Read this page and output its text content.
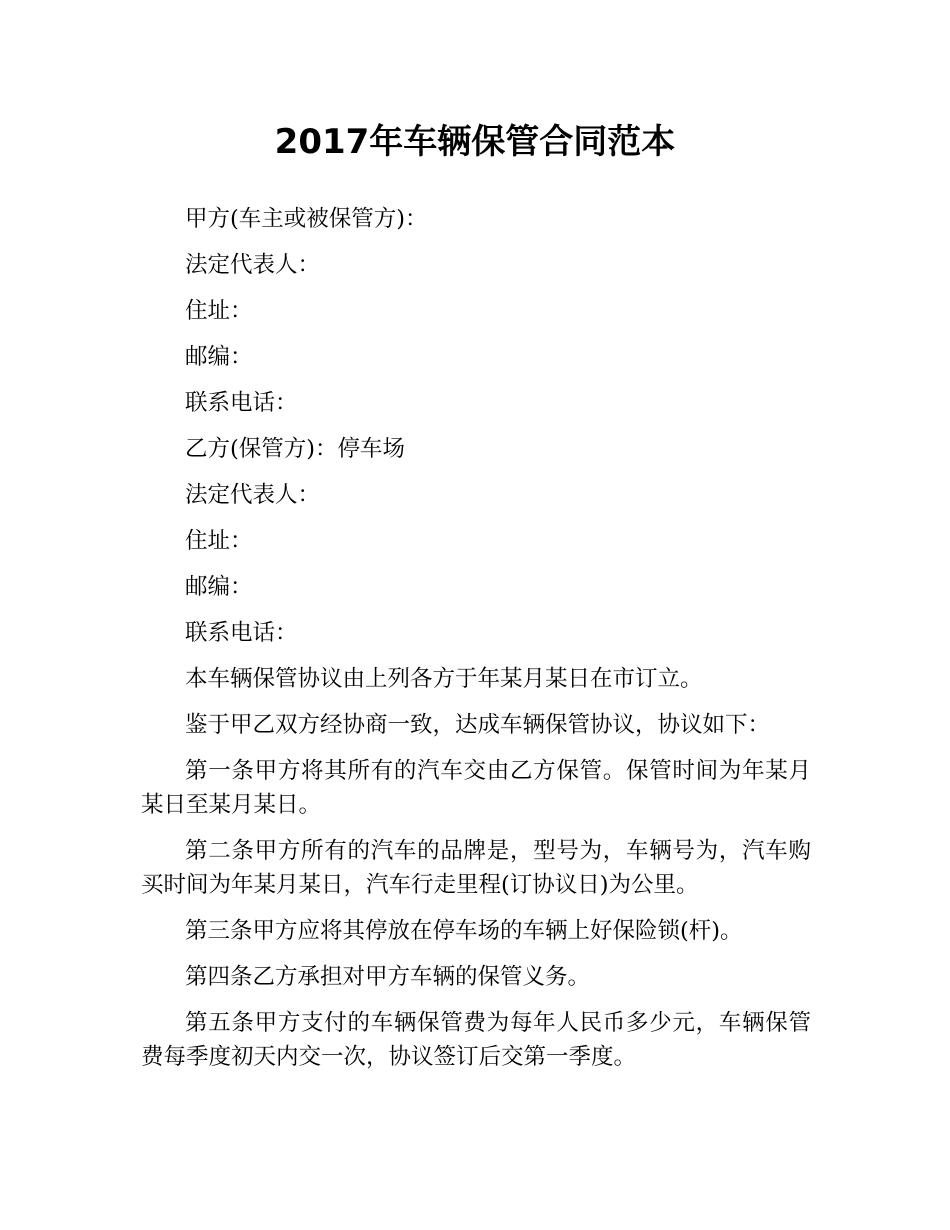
2017年车辆保管合同范本

甲方(车主或被保管方)：

法定代表人：

住址：

邮编：

联系电话：

乙方(保管方)：停车场

法定代表人：

住址：

邮编：

联系电话：

本车辆保管协议由上列各方于年某月某日在市订立。

鉴于甲乙双方经协商一致，达成车辆保管协议，协议如下：

第一条甲方将其所有的汽车交由乙方保管。保管时间为年某月某日至某月某日。

第二条甲方所有的汽车的品牌是，型号为，车辆号为，汽车购买时间为年某月某日，汽车行走里程(订协议日)为公里。

第三条甲方应将其停放在停车场的车辆上好保险锁(杆)。

第四条乙方承担对甲方车辆的保管义务。

第五条甲方支付的车辆保管费为每年人民币多少元，车辆保管费每季度初天内交一次，协议签订后交第一季度。
